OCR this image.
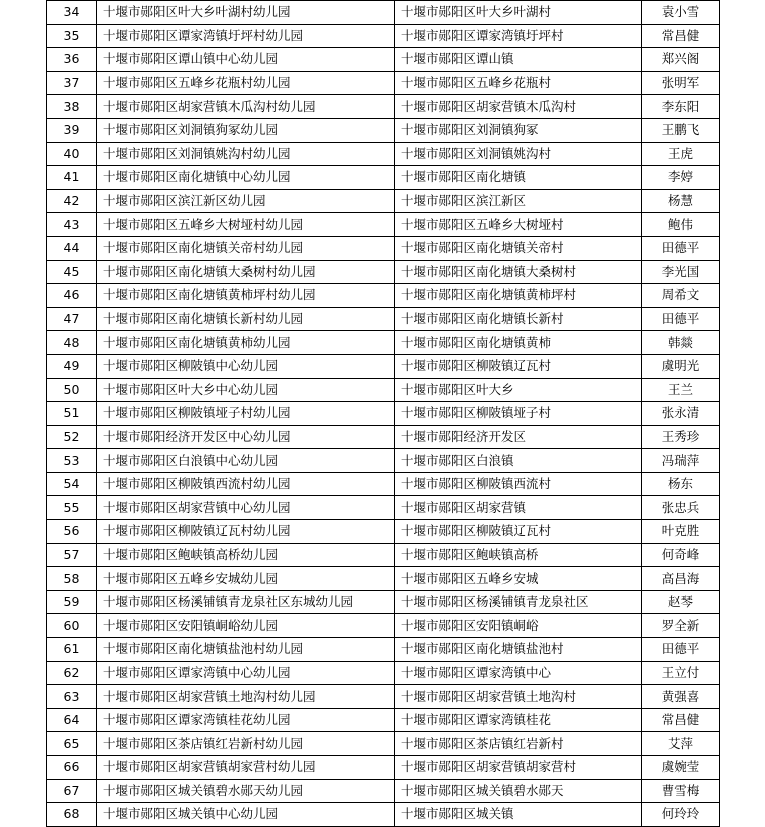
34	十堰市郧阳区叶大乡叶湖村幼儿园	十堰市郧阳区叶大乡叶湖村	袁小雪
35	十堰市郧阳区谭家湾镇圩坪村幼儿园	十堰市郧阳区谭家湾镇圩坪村	常昌健
36	十堰市郧阳区谭山镇中心幼儿园	十堰市郧阳区谭山镇	郑兴阁
37	十堰市郧阳区五峰乡花瓶村幼儿园	十堰市郧阳区五峰乡花瓶村	张明军
38	十堰市郧阳区胡家营镇木瓜沟村幼儿园	十堰市郧阳区胡家营镇木瓜沟村	李东阳
39	十堰市郧阳区刘洞镇狗冢幼儿园	十堰市郧阳区刘洞镇狗冢	王鹏飞
40	十堰市郧阳区刘洞镇姚沟村幼儿园	十堰市郧阳区刘洞镇姚沟村	王虎
41	十堰市郧阳区南化塘镇中心幼儿园	十堰市郧阳区南化塘镇	李婷
42	十堰市郧阳区滨江新区幼儿园	十堰市郧阳区滨江新区	杨慧
43	十堰市郧阳区五峰乡大树垭村幼儿园	十堰市郧阳区五峰乡大树垭村	鲍伟
44	十堰市郧阳区南化塘镇关帝村幼儿园	十堰市郧阳区南化塘镇关帝村	田德平
45	十堰市郧阳区南化塘镇大桑树村幼儿园	十堰市郧阳区南化塘镇大桑树村	李光国
46	十堰市郧阳区南化塘镇黄柿坪村幼儿园	十堰市郧阳区南化塘镇黄柿坪村	周希文
47	十堰市郧阳区南化塘镇长新村幼儿园	十堰市郧阳区南化塘镇长新村	田德平
48	十堰市郧阳区南化塘镇黄柿幼儿园	十堰市郧阳区南化塘镇黄柿	韩燚
49	十堰市郧阳区柳陂镇中心幼儿园	十堰市郧阳区柳陂镇辽瓦村	虞明光
50	十堰市郧阳区叶大乡中心幼儿园	十堰市郧阳区叶大乡	王兰
51	十堰市郧阳区柳陂镇垭子村幼儿园	十堰市郧阳区柳陂镇垭子村	张永清
52	十堰市郧阳经济开发区中心幼儿园	十堰市郧阳经济开发区	王秀珍
53	十堰市郧阳区白浪镇中心幼儿园	十堰市郧阳区白浪镇	冯瑞萍
54	十堰市郧阳区柳陂镇西流村幼儿园	十堰市郧阳区柳陂镇西流村	杨东
55	十堰市郧阳区胡家营镇中心幼儿园	十堰市郧阳区胡家营镇	张忠兵
56	十堰市郧阳区柳陂镇辽瓦村幼儿园	十堰市郧阳区柳陂镇辽瓦村	叶克胜
57	十堰市郧阳区鲍峡镇高桥幼儿园	十堰市郧阳区鲍峡镇高桥	何奇峰
58	十堰市郧阳区五峰乡安城幼儿园	十堰市郧阳区五峰乡安城	高昌海
59	十堰市郧阳区杨溪铺镇青龙泉社区东城幼儿园	十堰市郧阳区杨溪铺镇青龙泉社区	赵琴
60	十堰市郧阳区安阳镇峒峪幼儿园	十堰市郧阳区安阳镇峒峪	罗全新
61	十堰市郧阳区南化塘镇盐池村幼儿园	十堰市郧阳区南化塘镇盐池村	田德平
62	十堰市郧阳区谭家湾镇中心幼儿园	十堰市郧阳区谭家湾镇中心	王立付
63	十堰市郧阳区胡家营镇土地沟村幼儿园	十堰市郧阳区胡家营镇土地沟村	黄强喜
64	十堰市郧阳区谭家湾镇桂花幼儿园	十堰市郧阳区谭家湾镇桂花	常昌健
65	十堰市郧阳区茶店镇红岩新村幼儿园	十堰市郧阳区茶店镇红岩新村	艾萍
66	十堰市郧阳区胡家营镇胡家营村幼儿园	十堰市郧阳区胡家营镇胡家营村	虞婉莹
67	十堰市郧阳区城关镇碧水郧天幼儿园	十堰市郧阳区城关镇碧水郧天	曹雪梅
68	十堰市郧阳区城关镇中心幼儿园	十堰市郧阳区城关镇	何玲玲
